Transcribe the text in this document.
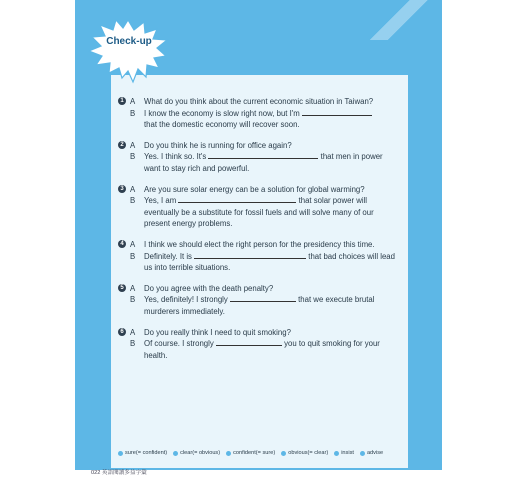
Check-up
1 A	What do you think about the current economic situation in Taiwan?
B	I know the economy is slow right now, but I'm
that the domestic economy will recover soon.
2 A	Do you think he is running for office again?
B	Yes. I think so. It's	that men in power want to stay rich and powerful.
3 A	Are you sure solar energy can be a solution for global warming?
B	Yes, I am	that solar power will eventually be a substitute for fossil fuels and will solve many of our present energy problems.
4 A	I think we should elect the right person for the presidency this time.
B	Definitely. It is	that bad choices will lead us into terrible situations.
5 A	Do you agree with the death penalty?
B	Yes, definitely! I strongly	that we execute brutal murderers immediately.
6 A	Do you really think I need to quit smoking?
B	Of course. I strongly	you to quit smoking for your health.
sure(= confident) clear(= obvious) confident(= sure) obvious(= clear) insist advise
022 英語閱讀多益字彙
